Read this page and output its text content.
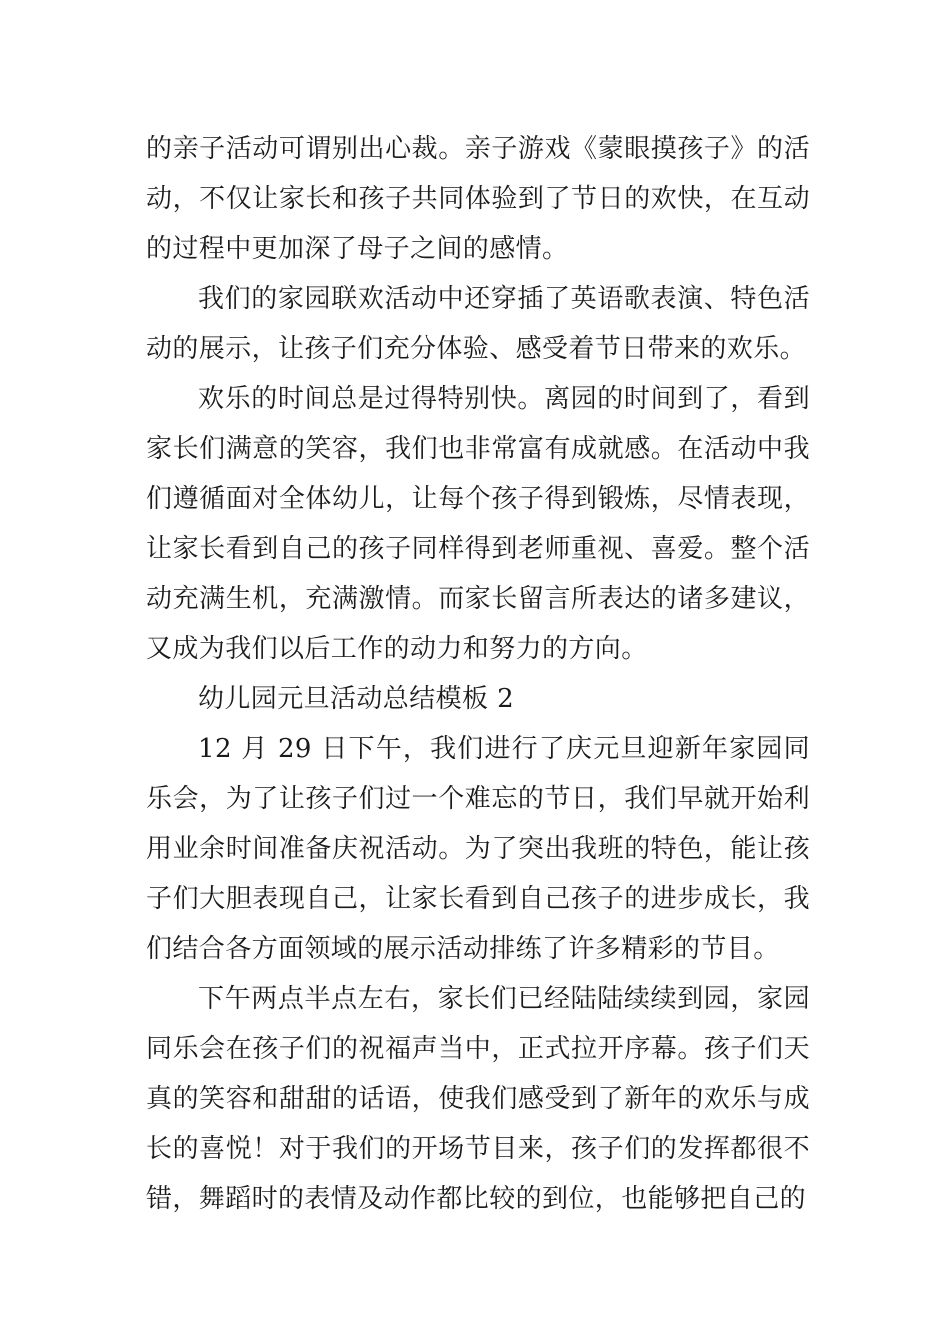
的亲子活动可谓别出心裁。亲子游戏《蒙眼摸孩子》的活动，不仅让家长和孩子共同体验到了节日的欢快，在互动的过程中更加深了母子之间的感情。

我们的家园联欢活动中还穿插了英语歌表演、特色活动的展示，让孩子们充分体验、感受着节日带来的欢乐。

欢乐的时间总是过得特别快。离园的时间到了，看到家长们满意的笑容，我们也非常富有成就感。在活动中我们遵循面对全体幼儿，让每个孩子得到锻炼，尽情表现，让家长看到自己的孩子同样得到老师重视、喜爱。整个活动充满生机，充满激情。而家长留言所表达的诸多建议，又成为我们以后工作的动力和努力的方向。

幼儿园元旦活动总结模板 2

12 月 29 日下午，我们进行了庆元旦迎新年家园同乐会，为了让孩子们过一个难忘的节日，我们早就开始利用业余时间准备庆祝活动。为了突出我班的特色，能让孩子们大胆表现自己，让家长看到自己孩子的进步成长，我们结合各方面领域的展示活动排练了许多精彩的节目。

下午两点半点左右，家长们已经陆陆续续到园，家园同乐会在孩子们的祝福声当中，正式拉开序幕。孩子们天真的笑容和甜甜的话语，使我们感受到了新年的欢乐与成长的喜悦！对于我们的开场节目来，孩子们的发挥都很不错，舞蹈时的表情及动作都比较的到位，也能够把自己的
